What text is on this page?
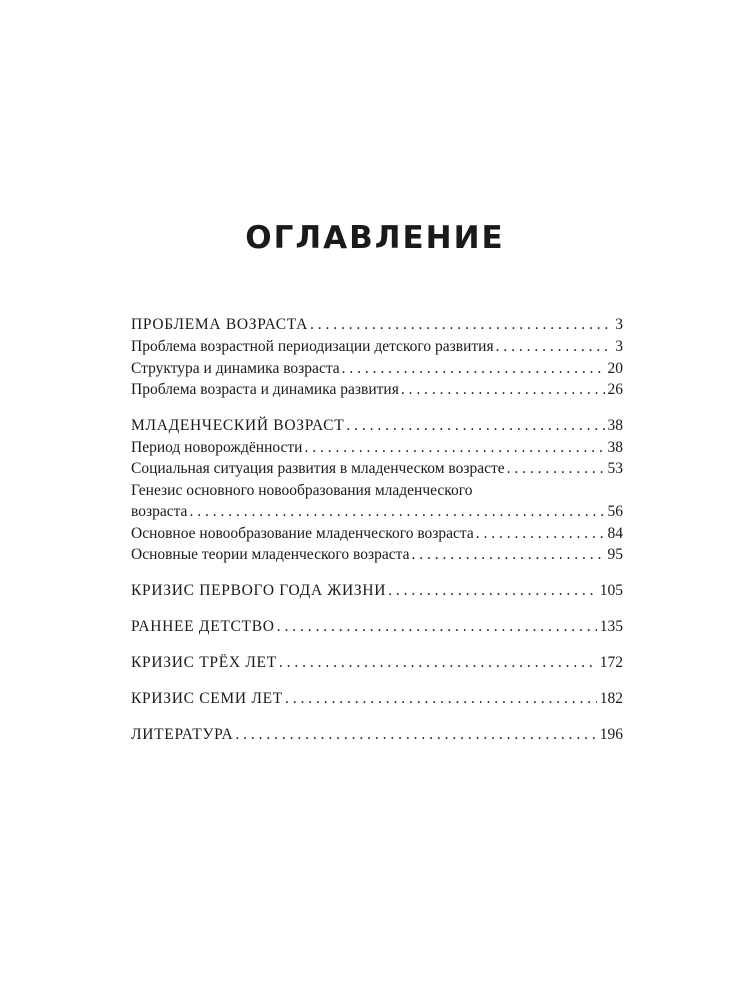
ОГЛАВЛЕНИЕ
ПРОБЛЕМА ВОЗРАСТА . . .	3
Проблема возрастной периодизации детского развития . . .	3
Структура и динамика возраста . . .	20
Проблема возраста и динамика развития . . .	26
МЛАДЕНЧЕСКИЙ ВОЗРАСТ . . .	38
Период новорождённости . . .	38
Социальная ситуация развития в младенческом возрасте . . .	53
Генезис основного новообразования младенческого
возраста . . .	56
Основное новообразование младенческого возраста . . .	84
Основные теории младенческого возраста . . .	95
КРИЗИС ПЕРВОГО ГОДА ЖИЗНИ . . .	105
РАННЕЕ ДЕТСТВО . . .	135
КРИЗИС ТРЁХ ЛЕТ . . .	172
КРИЗИС СЕМИ ЛЕТ . . .	182
ЛИТЕРАТУРА . . .	196
